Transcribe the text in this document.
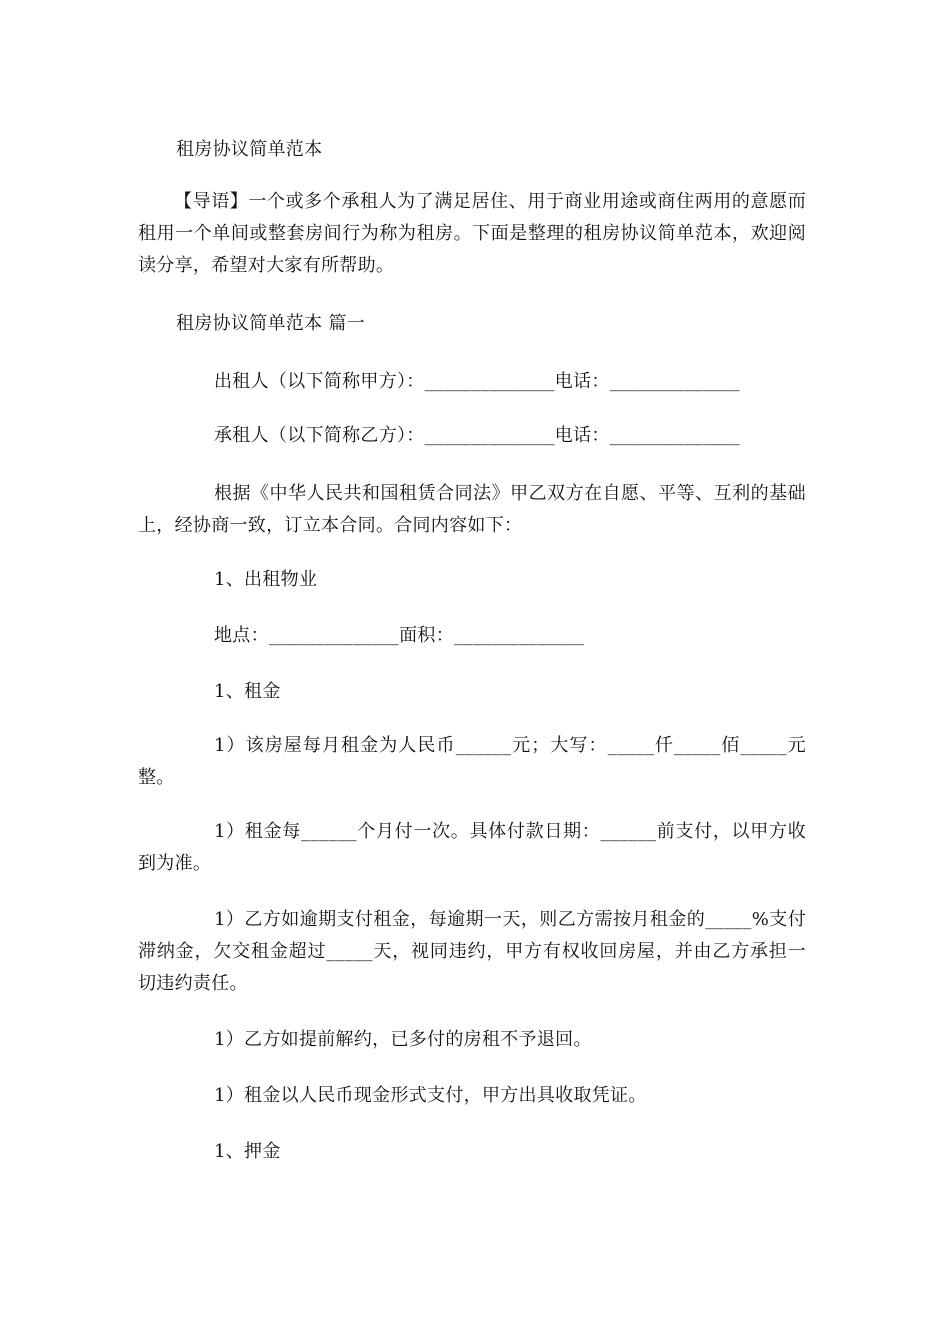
租房协议简单范本

【导语】一个或多个承租人为了满足居住、用于商业用途或商住两用的意愿而租用一个单间或整套房间行为称为租房。下面是整理的租房协议简单范本，欢迎阅读分享，希望对大家有所帮助。

租房协议简单范本 篇一

出租人（以下简称甲方）：______________电话：______________

承租人（以下简称乙方）：______________电话：______________

根据《中华人民共和国租赁合同法》甲乙双方在自愿、平等、互利的基础上，经协商一致，订立本合同。合同内容如下：

1、出租物业

地点：______________面积：______________

1、租金

1）该房屋每月租金为人民币______元；大写：_____仟_____佰_____元整。

1）租金每______个月付一次。具体付款日期：______前支付，以甲方收到为准。

1）乙方如逾期支付租金，每逾期一天，则乙方需按月租金的_____%支付滞纳金，欠交租金超过_____天，视同违约，甲方有权收回房屋，并由乙方承担一切违约责任。

1）乙方如提前解约，已多付的房租不予退回。

1）租金以人民币现金形式支付，甲方出具收取凭证。

1、押金
